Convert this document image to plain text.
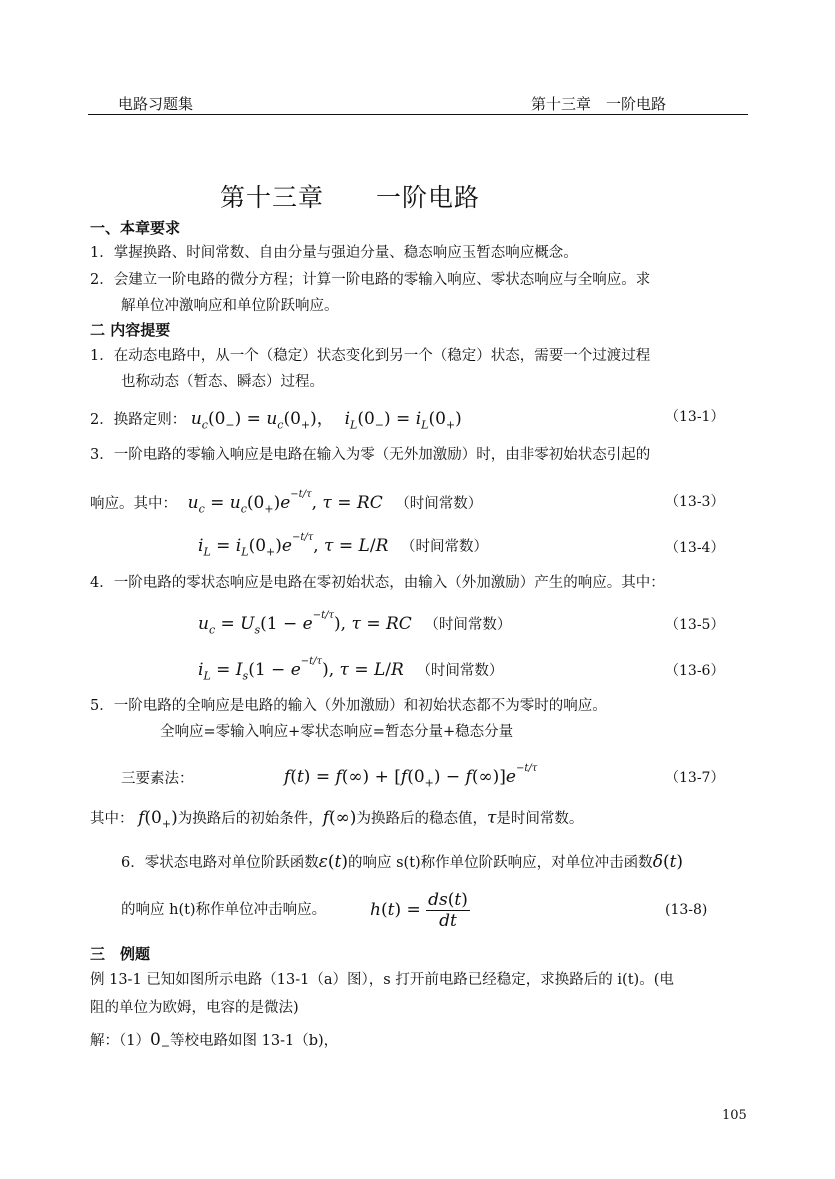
电路习题集	第十三章　一阶电路
第十三章　　一阶电路
一、本章要求
1．掌握换路、时间常数、自由分量与强迫分量、稳态响应玉暂态响应概念。
2．会建立一阶电路的微分方程；计算一阶电路的零输入响应、零状态响应与全响应。求
解单位冲激响应和单位阶跃响应。
二 内容提要
1．在动态电路中，从一个（稳定）状态变化到另一个（稳定）状态，需要一个过渡过程
也称动态（暂态、瞬态）过程。
2．换路定则： $u_c(0_-) = u_c(0_+)$，  $i_L(0_-) = i_L(0_+)$	（13-1）
3．一阶电路的零输入响应是电路在输入为零（无外加激励）时，由非零初始状态引起的
响应。其中： $u_c = u_c(0_+)e^{-t/\tau}$, τ = RC （时间常数）	（13-3）
$i_L = i_L(0_+)e^{-t/\tau}$, τ = L/R （时间常数）	（13-4）
4．一阶电路的零状态响应是电路在零初始状态，由输入（外加激励）产生的响应。其中：
$u_c = U_s(1 - e^{-t/\tau})$, τ = RC （时间常数）	（13-5）
$i_L = I_s(1 - e^{-t/\tau})$, τ = L/R （时间常数）	（13-6）
5．一阶电路的全响应是电路的输入（外加激励）和初始状态都不为零时的响应。
全响应=零输入响应+零状态响应=暂态分量+稳态分量
三要素法：	$f(t) = f(\infty) + [f(0_+) - f(\infty)]e^{-t/\tau}$
（13-7）
其中： $f(0_+)$为换路后的初始条件，f(∞)为换路后的稳态值，τ是时间常数。
6．零状态电路对单位阶跃函数ε(t)的响应 s(t)称作单位阶跃响应，对单位冲击函数δ(t)
的响应 h(t)称作单位冲击响应。	$h(t) = \frac{ds(t)}{dt}$	(13-8)
三　例题
例 13-1 已知如图所示电路（13-1（a）图），s 打开前电路已经稳定，求换路后的 i(t)。(电
阻的单位为欧姆，电容的是微法)
解：$(1)0_-$等校电路如图 13-1（b)，
105
